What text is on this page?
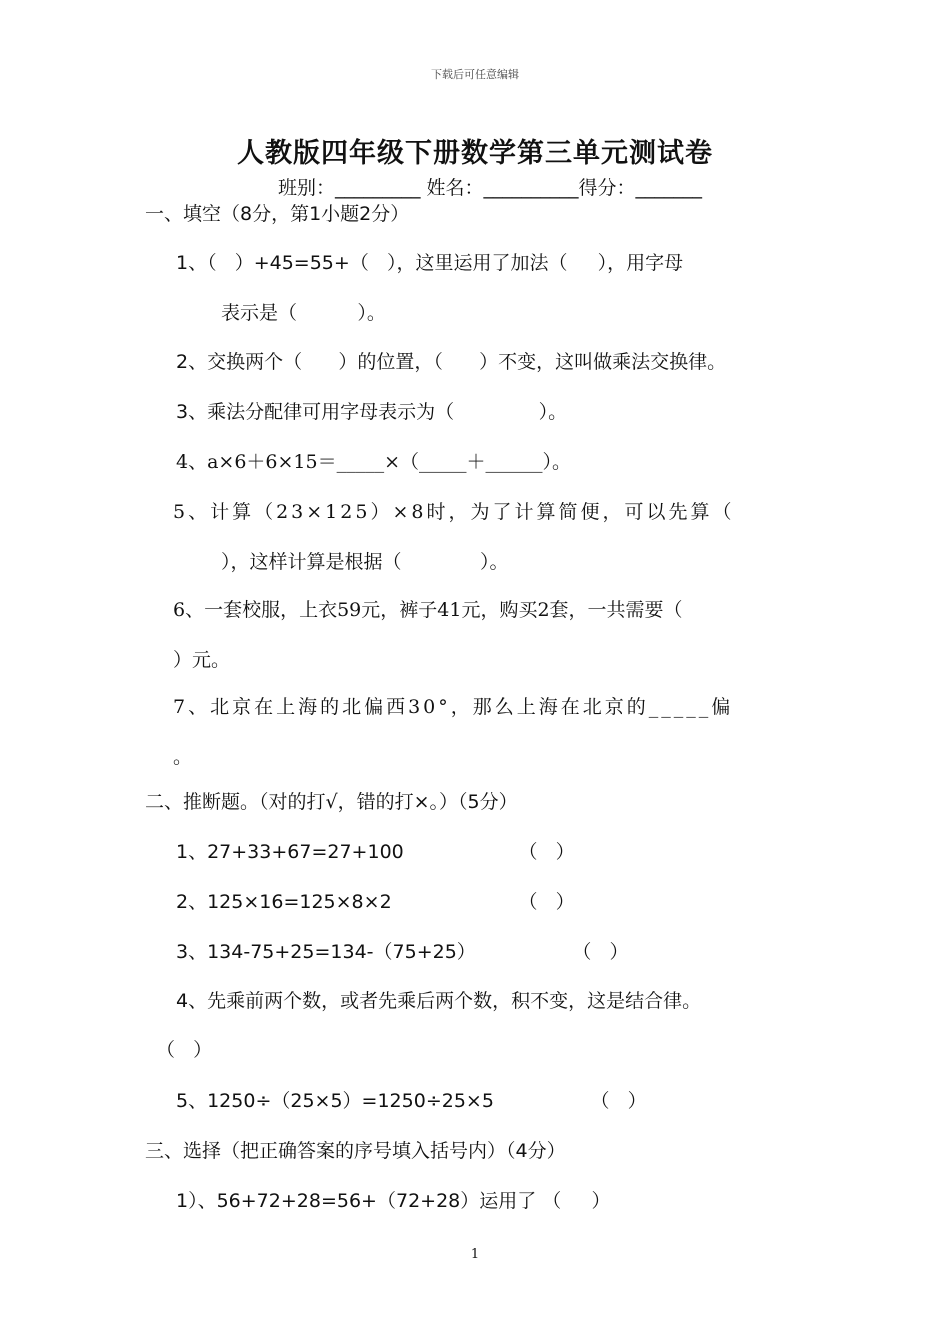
下载后可任意编辑
人教版四年级下册数学第三单元测试卷
班别：_________ 姓名：__________得分：_______
一、填空（8分，第1小题2分）
1、（   ）+45=55+（   ），这里运用了加法（     ），用字母
表示是（          ）。
2、交换两个（      ）的位置，（      ）不变，这叫做乘法交换律。
3、乘法分配律可用字母表示为（              ）。
4、a×6＋6×15＝_____×（_____＋______）。
5、计算（23×125）×8时，为了计算简便，可以先算（
），这样计算是根据（             ）。
6、一套校服，上衣59元，裤子41元，购买2套，一共需要（
）元。
7、北京在上海的北偏西30°，那么上海在北京的_____偏
。
二、推断题。（对的打√，错的打×。）（5分）
1、27+33+67=27+100                   （   ）
2、125×16=125×8×2                     （   ）
3、134-75+25=134-（75+25）                （   ）
4、先乘前两个数，或者先乘后两个数，积不变，这是结合律。
（   ）
5、1250÷（25×5）=1250÷25×5                （   ）
三、选择（把正确答案的序号填入括号内）（4分）
1）、56+72+28=56+（72+28）运用了 （     ）
1
